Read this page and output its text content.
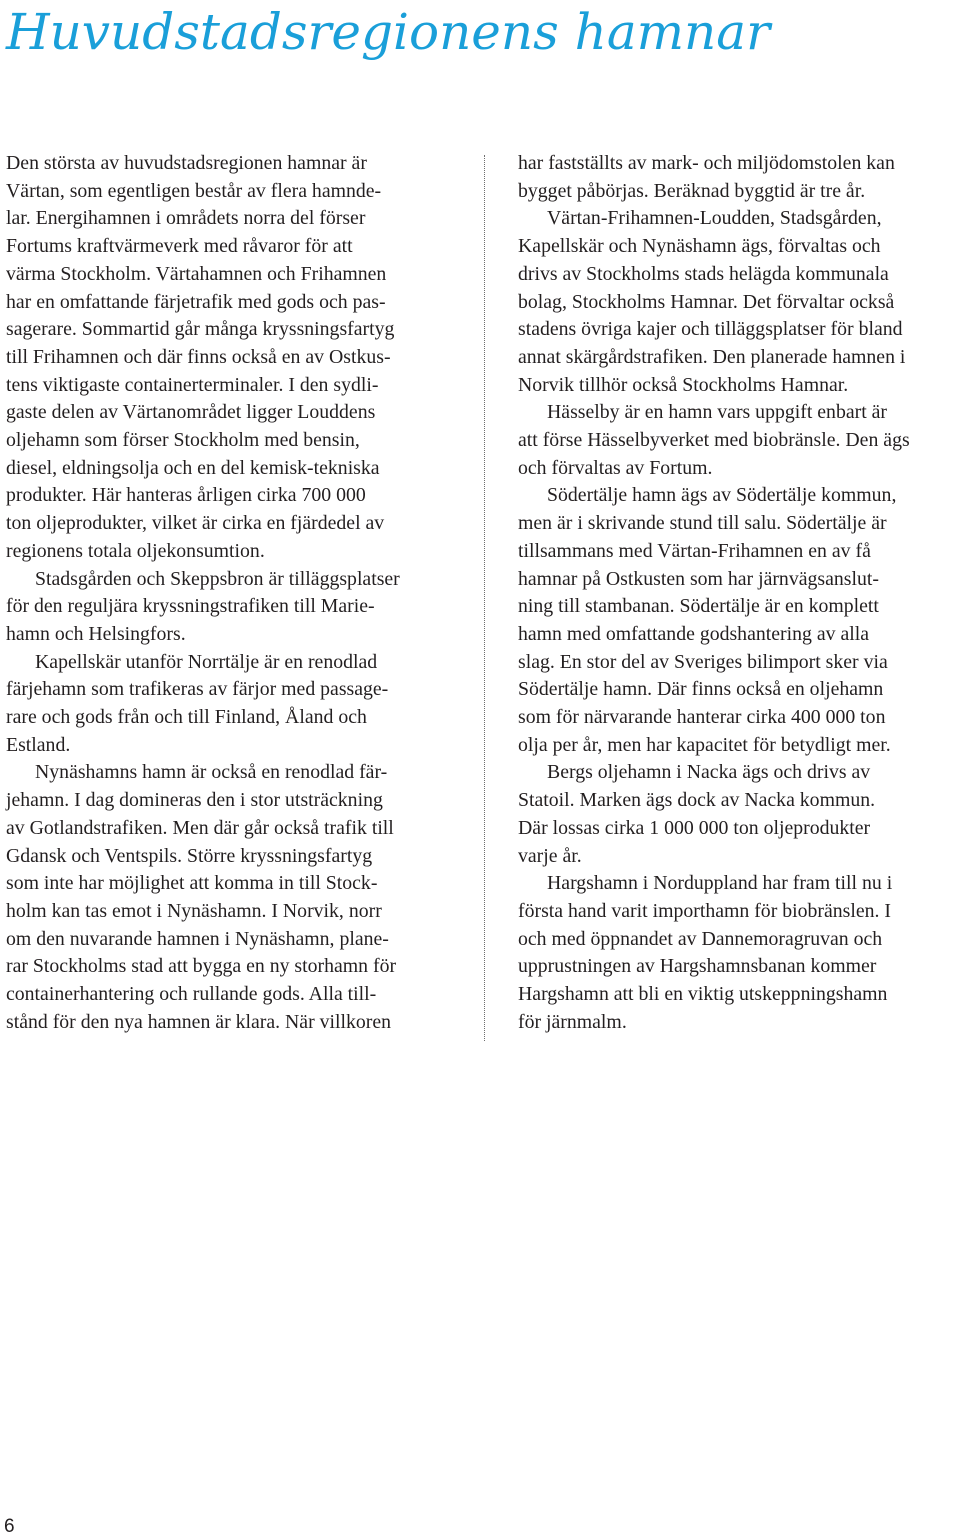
Huvudstadsregionens hamnar

Den största av huvudstadsregionen hamnar är
Värtan, som egentligen består av flera hamnde-
lar. Energihamnen i områdets norra del förser
Fortums kraftvärmeverk med råvaror för att
värma Stockholm. Värtahamnen och Frihamnen
har en omfattande färjetrafik med gods och pas-
sagerare. Sommartid går många kryssningsfartyg
till Frihamnen och där finns också en av Ostkus-
tens viktigaste containerterminaler. I den sydli-
gaste delen av Värtanområdet ligger Louddens
oljehamn som förser Stockholm med bensin,
diesel, eldningsolja och en del kemisk-tekniska
produkter. Här hanteras årligen cirka 700 000
ton oljeprodukter, vilket är cirka en fjärdedel av
regionens totala oljekonsumtion.

Stadsgården och Skeppsbron är tilläggsplatser
för den reguljära kryssningstrafiken till Marie-
hamn och Helsingfors.

Kapellskär utanför Norrtälje är en renodlad
färjehamn som trafikeras av färjor med passage-
rare och gods från och till Finland, Åland och
Estland.

Nynäshamns hamn är också en renodlad fär-
jehamn. I dag domineras den i stor utsträckning
av Gotlandstrafiken. Men där går också trafik till
Gdansk och Ventspils. Större kryssningsfartyg
som inte har möjlighet att komma in till Stock-
holm kan tas emot i Nynäshamn. I Norvik, norr
om den nuvarande hamnen i Nynäshamn, plane-
rar Stockholms stad att bygga en ny storhamn för
containerhantering och rullande gods. Alla till-
stånd för den nya hamnen är klara. När villkoren

har fastställts av mark- och miljödomstolen kan
bygget påbörjas. Beräknad byggtid är tre år.

Värtan-Frihamnen-Loudden, Stadsgården,
Kapellskär och Nynäshamn ägs, förvaltas och
drivs av Stockholms stads helägda kommunala
bolag, Stockholms Hamnar. Det förvaltar också
stadens övriga kajer och tilläggsplatser för bland
annat skärgårdstrafiken. Den planerade hamnen i
Norvik tillhör också Stockholms Hamnar.

Hässelby är en hamn vars uppgift enbart är
att förse Hässelbyverket med biobränsle. Den ägs
och förvaltas av Fortum.

Södertälje hamn ägs av Södertälje kommun,
men är i skrivande stund till salu. Södertälje är
tillsammans med Värtan-Frihamnen en av få
hamnar på Ostkusten som har järnvägsanslut-
ning till stambanan. Södertälje är en komplett
hamn med omfattande godshantering av alla
slag. En stor del av Sveriges bilimport sker via
Södertälje hamn. Där finns också en oljehamn
som för närvarande hanterar cirka 400 000 ton
olja per år, men har kapacitet för betydligt mer.

Bergs oljehamn i Nacka ägs och drivs av
Statoil. Marken ägs dock av Nacka kommun.
Där lossas cirka 1 000 000 ton oljeprodukter
varje år.

Hargshamn i Norduppland har fram till nu i
första hand varit importhamn för biobränslen. I
och med öppnandet av Dannemoragruvan och
upprustningen av Hargshamnsbanan kommer
Hargshamn att bli en viktig utskeppningshamn
för järnmalm.

6
